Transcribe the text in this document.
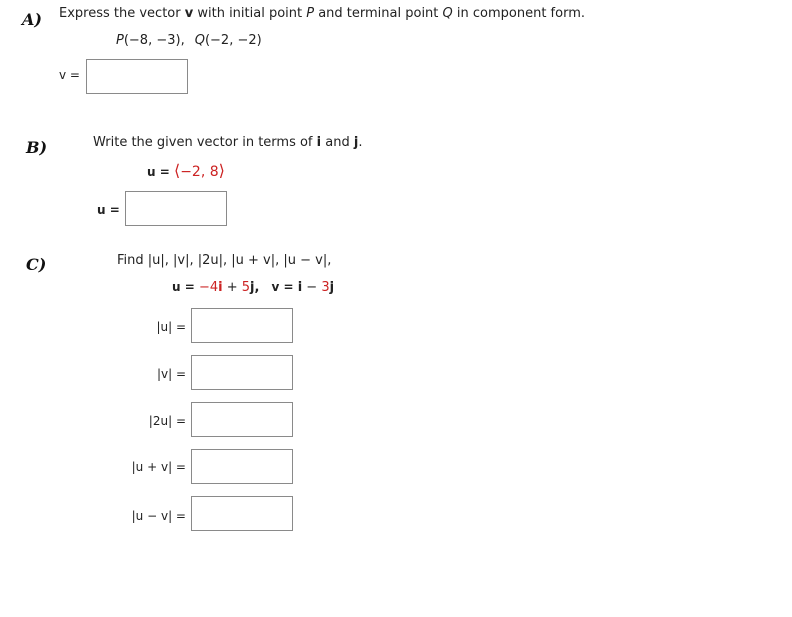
A) Express the vector v with initial point P and terminal point Q in component form.
P(−8, −3), Q(−2, −2)
v =
B)	Write the given vector in terms of i and j.
u = ⟨−2, 8⟩
u =
C)	Find |u|, |v|, |2u|, |u + v|, |u − v|,
u = −4i + 5j, v = i − 3j
|u| =
|v| =
|2u| =
|u + v| =
|u − v| =
